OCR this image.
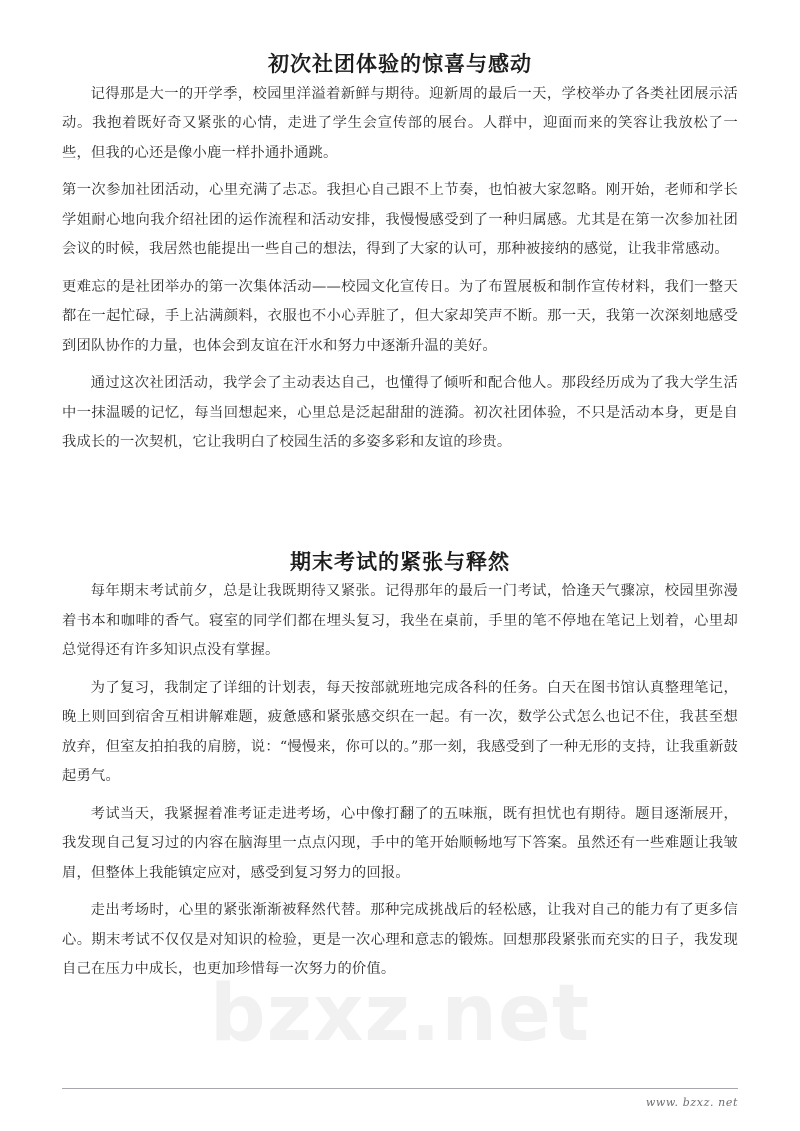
bzxz.net
初次社团体验的惊喜与感动

记得那是大一的开学季，校园里洋溢着新鲜与期待。迎新周的最后一天，学校举办了各类社团展示活动。我抱着既好奇又紧张的心情，走进了学生会宣传部的展台。人群中，迎面而来的笑容让我放松了一些，但我的心还是像小鹿一样扑通扑通跳。

第一次参加社团活动，心里充满了忐忑。我担心自己跟不上节奏，也怕被大家忽略。刚开始，老师和学长学姐耐心地向我介绍社团的运作流程和活动安排，我慢慢感受到了一种归属感。尤其是在第一次参加社团会议的时候，我居然也能提出一些自己的想法，得到了大家的认可，那种被接纳的感觉，让我非常感动。

更难忘的是社团举办的第一次集体活动——校园文化宣传日。为了布置展板和制作宣传材料，我们一整天都在一起忙碌，手上沾满颜料，衣服也不小心弄脏了，但大家却笑声不断。那一天，我第一次深刻地感受到团队协作的力量，也体会到友谊在汗水和努力中逐渐升温的美好。

通过这次社团活动，我学会了主动表达自己，也懂得了倾听和配合他人。那段经历成为了我大学生活中一抹温暖的记忆，每当回想起来，心里总是泛起甜甜的涟漪。初次社团体验，不只是活动本身，更是自我成长的一次契机，它让我明白了校园生活的多姿多彩和友谊的珍贵。

期末考试的紧张与释然

每年期末考试前夕，总是让我既期待又紧张。记得那年的最后一门考试，恰逢天气骤凉，校园里弥漫着书本和咖啡的香气。寝室的同学们都在埋头复习，我坐在桌前，手里的笔不停地在笔记上划着，心里却总觉得还有许多知识点没有掌握。

为了复习，我制定了详细的计划表，每天按部就班地完成各科的任务。白天在图书馆认真整理笔记，晚上则回到宿舍互相讲解难题，疲惫感和紧张感交织在一起。有一次，数学公式怎么也记不住，我甚至想放弃，但室友拍拍我的肩膀，说：“慢慢来，你可以的。”那一刻，我感受到了一种无形的支持，让我重新鼓起勇气。

考试当天，我紧握着准考证走进考场，心中像打翻了的五味瓶，既有担忧也有期待。题目逐渐展开，我发现自己复习过的内容在脑海里一点点闪现，手中的笔开始顺畅地写下答案。虽然还有一些难题让我皱眉，但整体上我能镇定应对，感受到复习努力的回报。

走出考场时，心里的紧张渐渐被释然代替。那种完成挑战后的轻松感，让我对自己的能力有了更多信心。期末考试不仅仅是对知识的检验，更是一次心理和意志的锻炼。回想那段紧张而充实的日子，我发现自己在压力中成长，也更加珍惜每一次努力的价值。

www. bzxz. net
